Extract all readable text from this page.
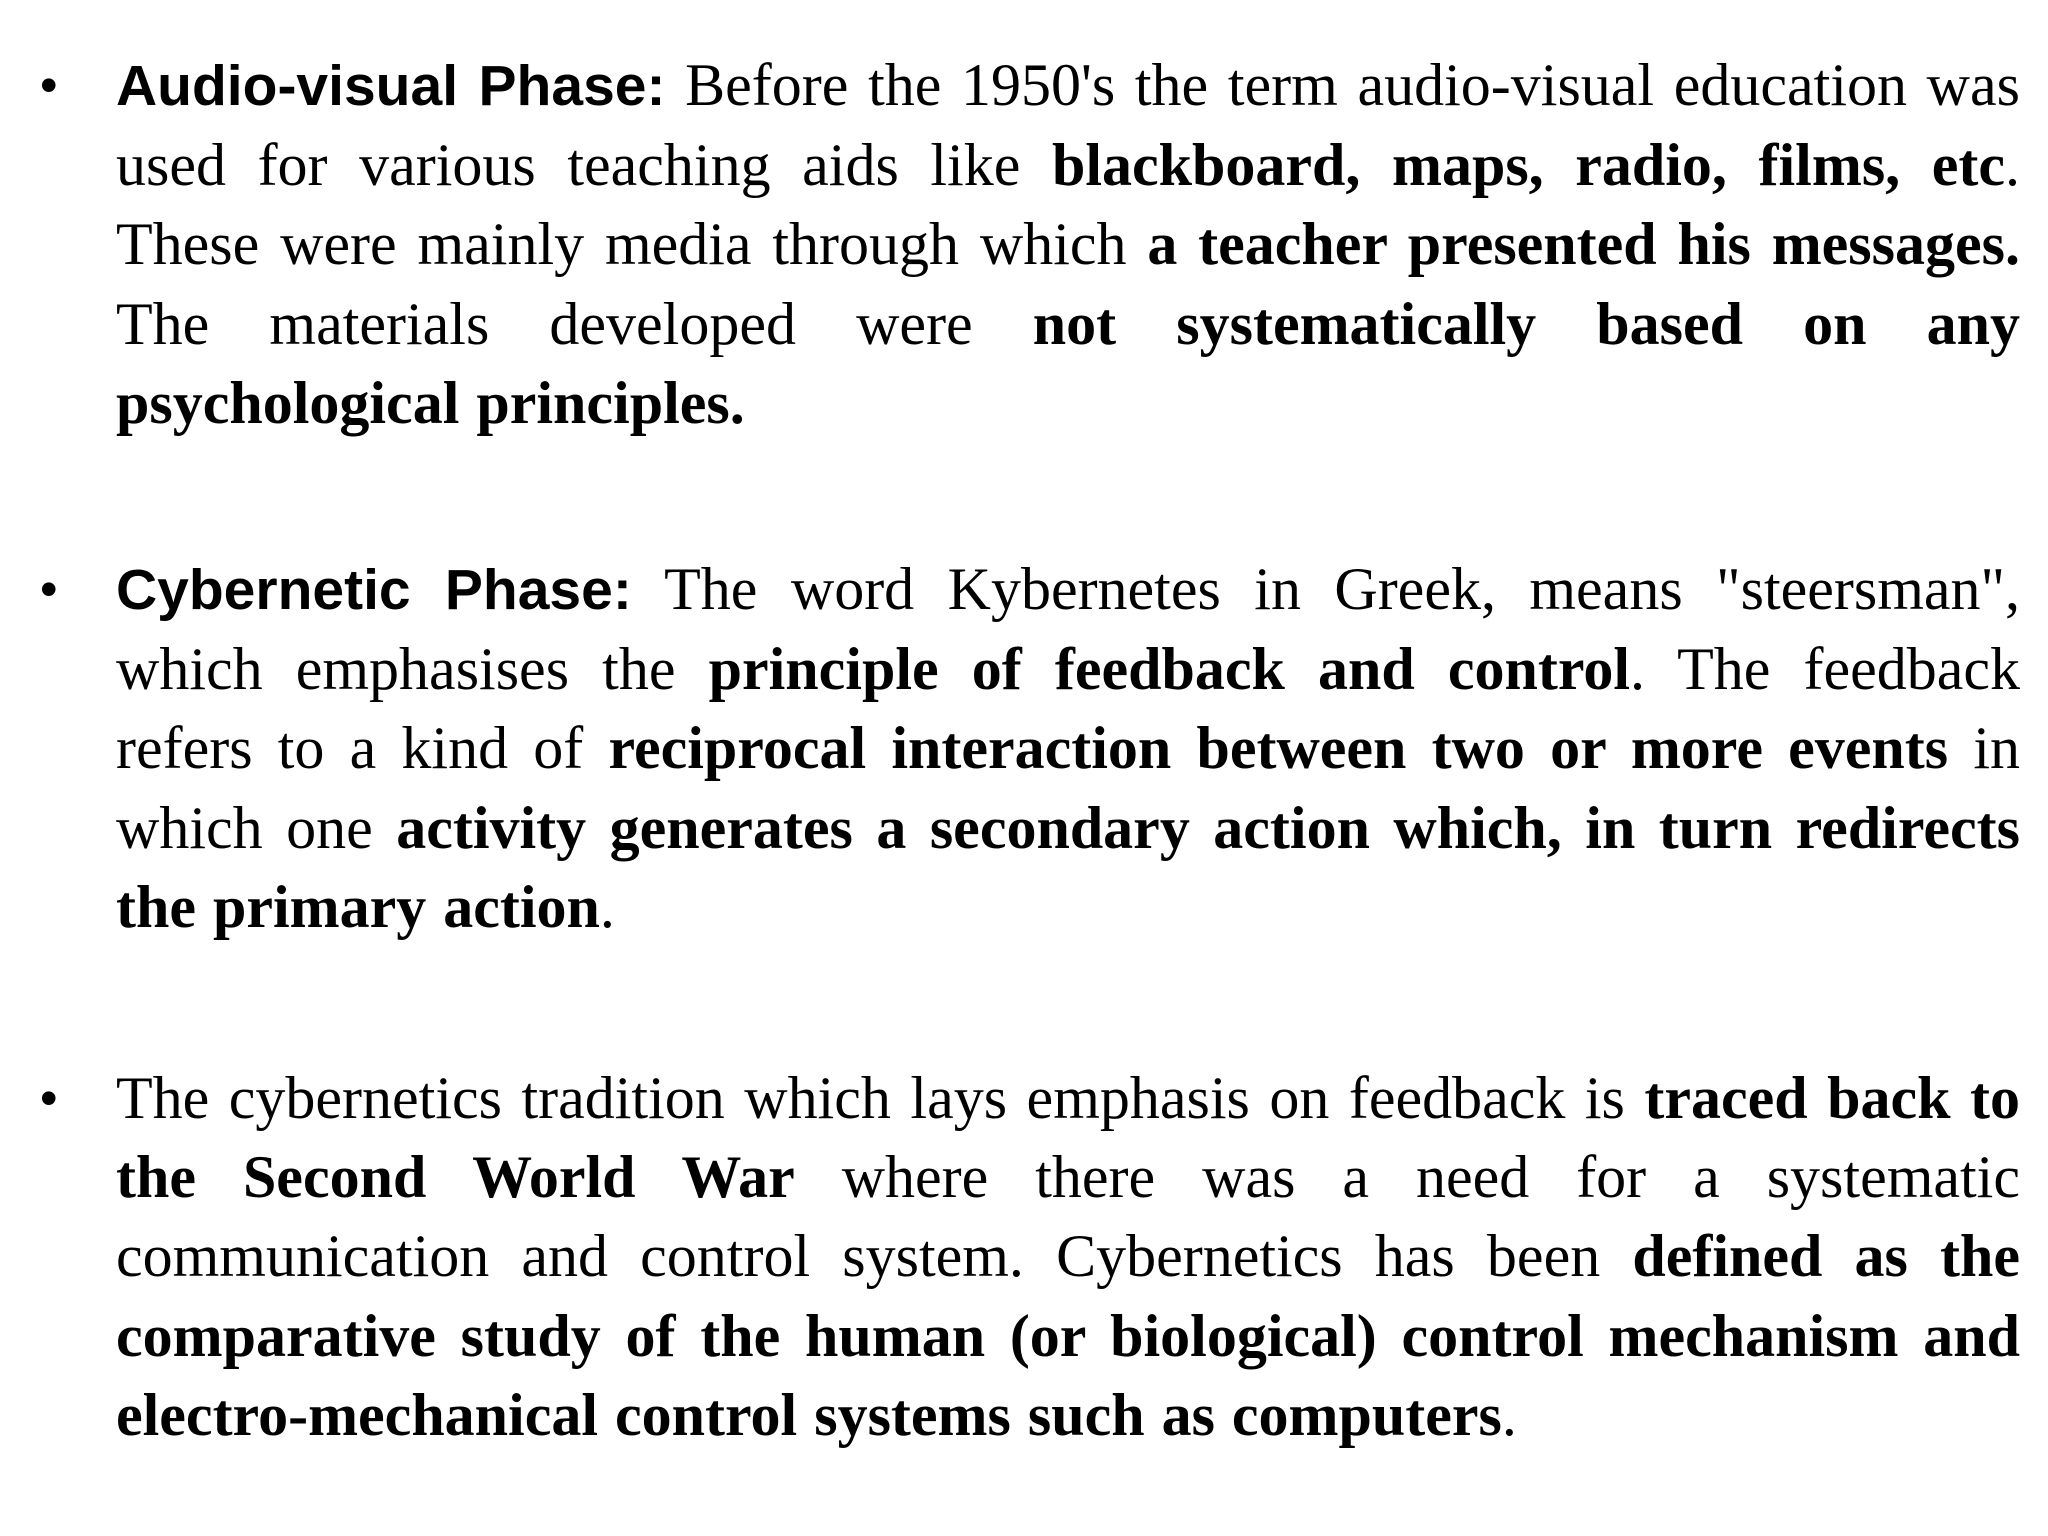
• Audio-visual Phase: Before the 1950's the term audio-visual education was used for various teaching aids like blackboard, maps, radio, films, etc. These were mainly media through which a teacher presented his messages. The materials developed were not systematically based on any psychological principles.

• Cybernetic Phase: The word Kybernetes in Greek, means "steersman", which emphasises the principle of feedback and control. The feedback refers to a kind of reciprocal interaction between two or more events in which one activity generates a secondary action which, in turn redirects the primary action.

• The cybernetics tradition which lays emphasis on feedback is traced back to the Second World War where there was a need for a systematic communication and control system. Cybernetics has been defined as the comparative study of the human (or biological) control mechanism and electro-mechanical control systems such as computers.
